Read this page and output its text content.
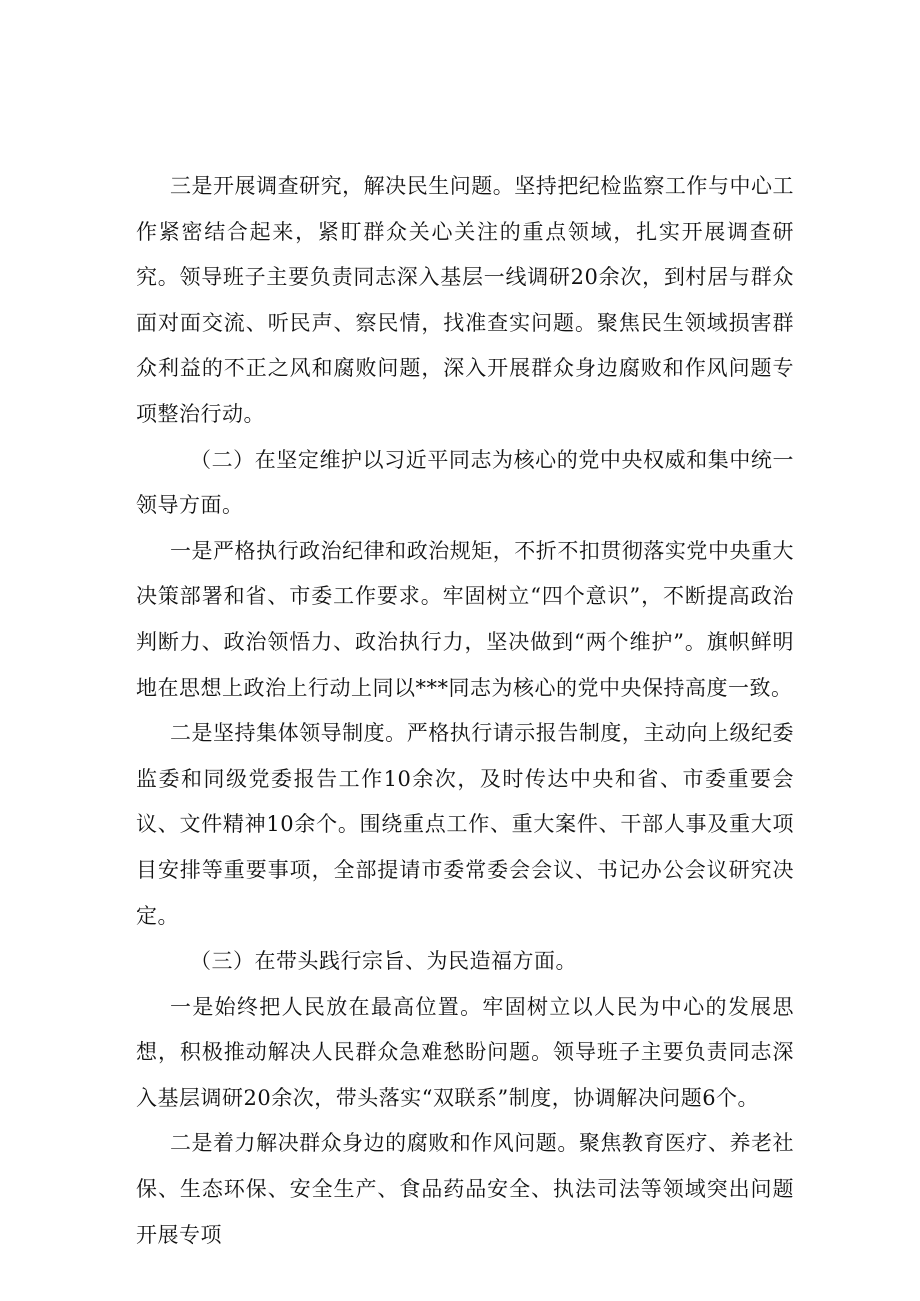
三是开展调查研究，解决民生问题。坚持把纪检监察工作与中心工作紧密结合起来，紧盯群众关心关注的重点领域，扎实开展调查研究。领导班子主要负责同志深入基层一线调研20余次，到村居与群众面对面交流、听民声、察民情，找准查实问题。聚焦民生领域损害群众利益的不正之风和腐败问题，深入开展群众身边腐败和作风问题专项整治行动。

（二）在坚定维护以习近平同志为核心的党中央权威和集中统一领导方面。

一是严格执行政治纪律和政治规矩，不折不扣贯彻落实党中央重大决策部署和省、市委工作要求。牢固树立“四个意识”，不断提高政治判断力、政治领悟力、政治执行力，坚决做到“两个维护”。旗帜鲜明地在思想上政治上行动上同以***同志为核心的党中央保持高度一致。

二是坚持集体领导制度。严格执行请示报告制度，主动向上级纪委监委和同级党委报告工作10余次，及时传达中央和省、市委重要会议、文件精神10余个。围绕重点工作、重大案件、干部人事及重大项目安排等重要事项，全部提请市委常委会会议、书记办公会议研究决定。

（三）在带头践行宗旨、为民造福方面。

一是始终把人民放在最高位置。牢固树立以人民为中心的发展思想，积极推动解决人民群众急难愁盼问题。领导班子主要负责同志深入基层调研20余次，带头落实“双联系”制度，协调解决问题6个。

二是着力解决群众身边的腐败和作风问题。聚焦教育医疗、养老社保、生态环保、安全生产、食品药品安全、执法司法等领域突出问题开展专项
